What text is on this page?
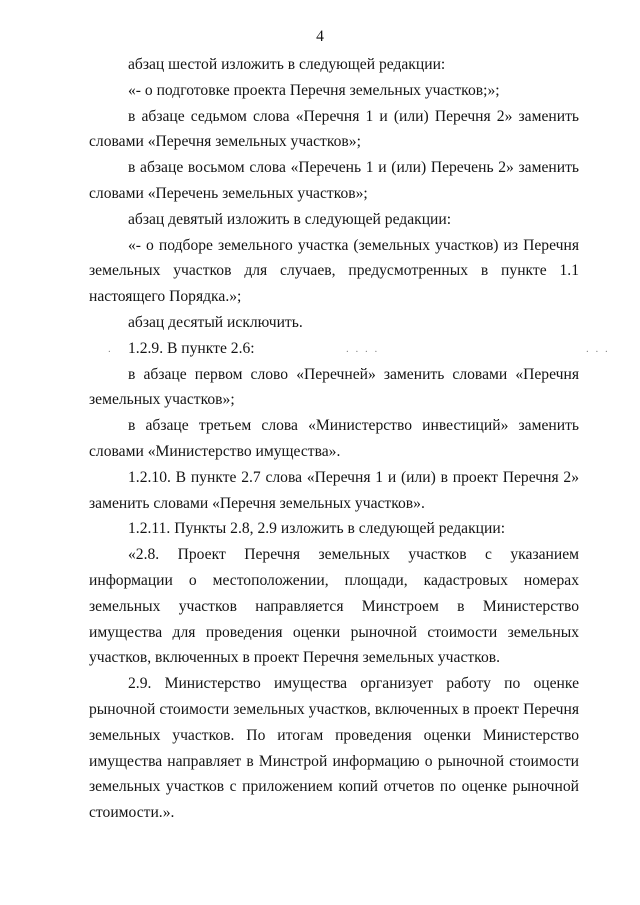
4

абзац шестой изложить в следующей редакции:

«- о подготовке проекта Перечня земельных участков;»;

в абзаце седьмом слова «Перечня 1 и (или) Перечня 2» заменить словами «Перечня земельных участков»;

в абзаце восьмом слова «Перечень 1 и (или) Перечень 2» заменить словами «Перечень земельных участков»;

абзац девятый изложить в следующей редакции:

«- о подборе земельного участка (земельных участков) из Перечня земельных участков для случаев, предусмотренных в пункте 1.1 настоящего Порядка.»;

абзац десятый исключить.

1.2.9. В пункте 2.6:

в абзаце первом слово «Перечней» заменить словами «Перечня земельных участков»;

в абзаце третьем слова «Министерство инвестиций» заменить словами «Министерство имущества».

1.2.10. В пункте 2.7 слова «Перечня 1 и (или) в проект Перечня 2» заменить словами «Перечня земельных участков».

1.2.11. Пункты 2.8, 2.9 изложить в следующей редакции:

«2.8. Проект Перечня земельных участков с указанием информации о местоположении, площади, кадастровых номерах земельных участков направляется Минстроем в Министерство имущества для проведения оценки рыночной стоимости земельных участков, включенных в проект Перечня земельных участков.

2.9. Министерство имущества организует работу по оценке рыночной стоимости земельных участков, включенных в проект Перечня земельных участков. По итогам проведения оценки Министерство имущества направляет в Минстрой информацию о рыночной стоимости земельных участков с приложением копий отчетов по оценке рыночной стоимости.».

. . . .	. . .
.
